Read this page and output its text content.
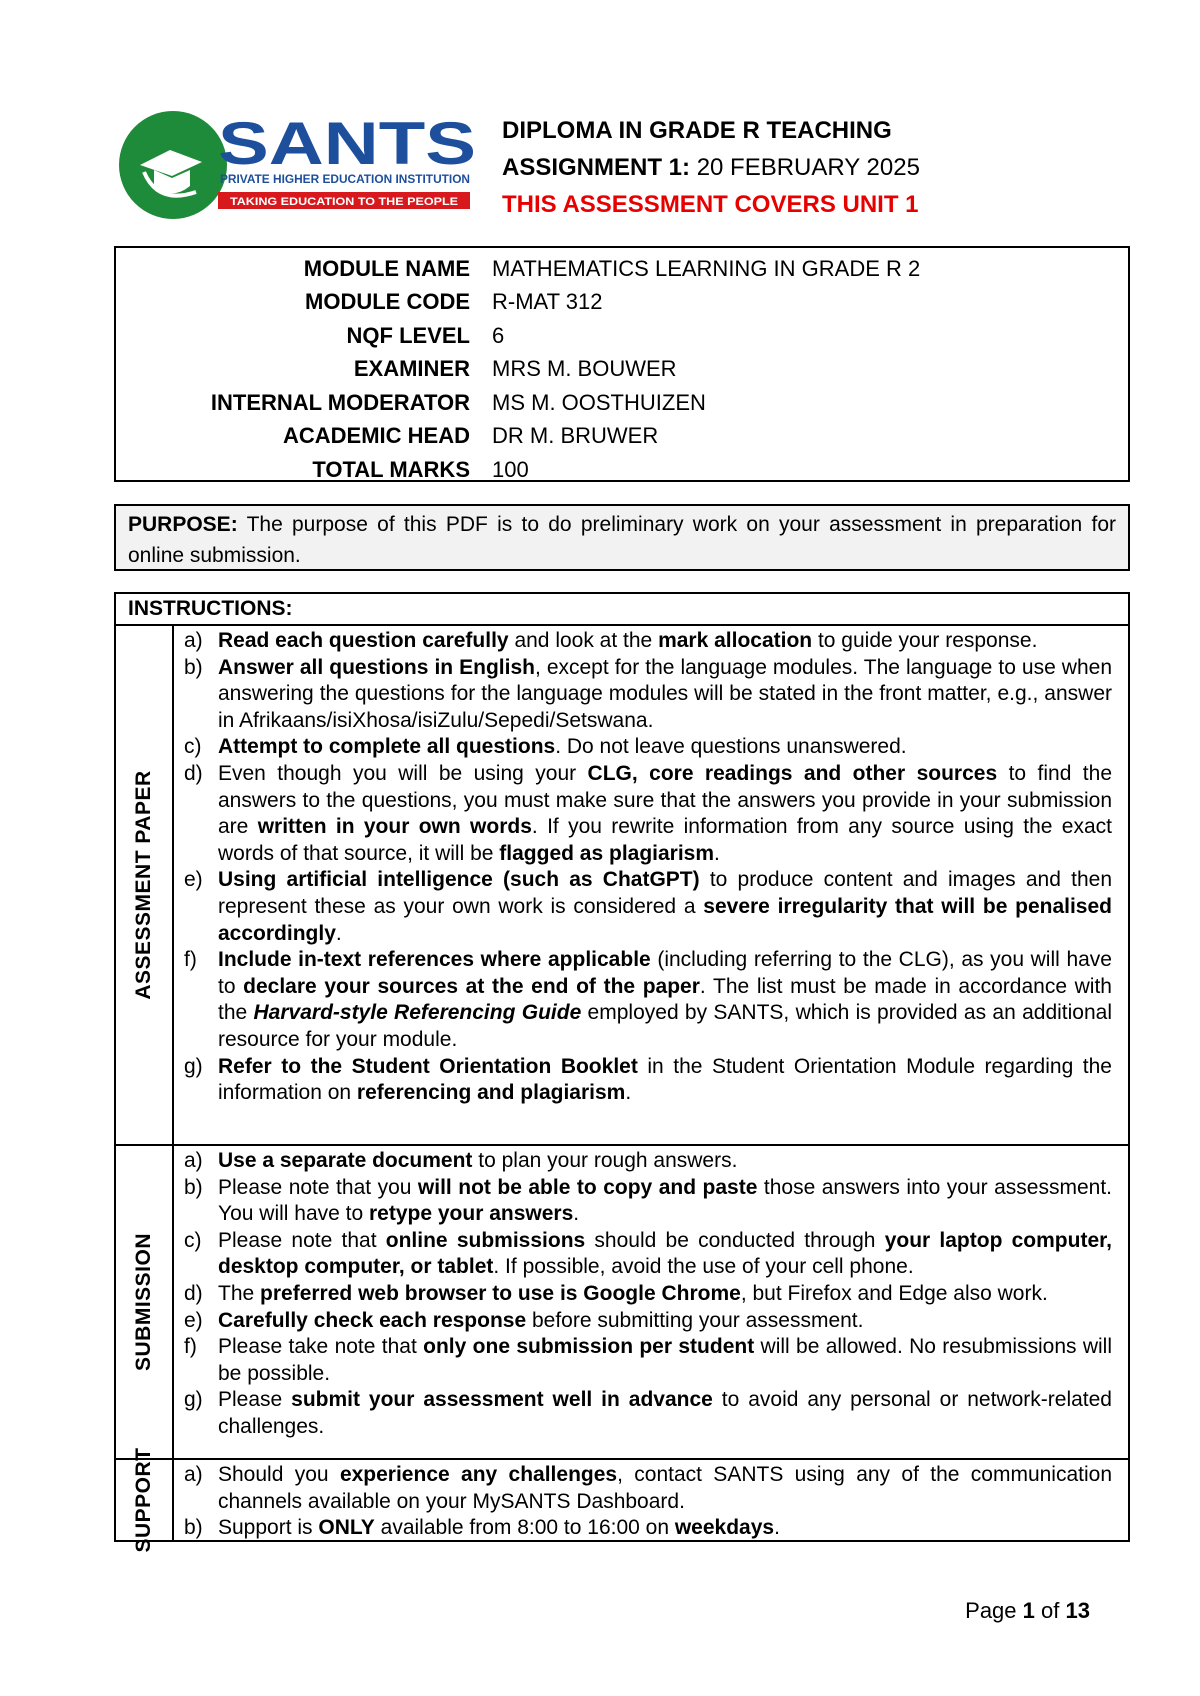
SANTS
PRIVATE HIGHER EDUCATION INSTITUTION
TAKING EDUCATION TO THE PEOPLE
DIPLOMA IN GRADE R TEACHING
ASSIGNMENT 1: 20 FEBRUARY 2025
THIS ASSESSMENT COVERS UNIT 1
MODULE NAME	MATHEMATICS LEARNING IN GRADE R 2
MODULE CODE	R-MAT 312
NQF LEVEL	6
EXAMINER	MRS M. BOUWER
INTERNAL MODERATOR	MS M. OOSTHUIZEN
ACADEMIC HEAD	DR M. BRUWER
TOTAL MARKS	100
PURPOSE: The purpose of this PDF is to do preliminary work on your assessment in preparation for online submission.
INSTRUCTIONS:
ASSESSMENT PAPER
a) Read each question carefully and look at the mark allocation to guide your response.
b) Answer all questions in English, except for the language modules. The language to use when answering the questions for the language modules will be stated in the front matter, e.g., answer in Afrikaans/isiXhosa/isiZulu/Sepedi/Setswana.
c) Attempt to complete all questions. Do not leave questions unanswered.
d) Even though you will be using your CLG, core readings and other sources to find the answers to the questions, you must make sure that the answers you provide in your submission are written in your own words. If you rewrite information from any source using the exact words of that source, it will be flagged as plagiarism.
e) Using artificial intelligence (such as ChatGPT) to produce content and images and then represent these as your own work is considered a severe irregularity that will be penalised accordingly.
f)	Include in-text references where applicable (including referring to the CLG), as you will have to declare your sources at the end of the paper. The list must be made in accordance with the Harvard-style Referencing Guide employed by SANTS, which is provided as an additional resource for your module.
g) Refer to the Student Orientation Booklet in the Student Orientation Module regarding the information on referencing and plagiarism.
SUBMISSION
a) Use a separate document to plan your rough answers.
b) Please note that you will not be able to copy and paste those answers into your assessment. You will have to retype your answers.
c) Please note that online submissions should be conducted through your laptop computer, desktop computer, or tablet. If possible, avoid the use of your cell phone.
d) The preferred web browser to use is Google Chrome, but Firefox and Edge also work.
e) Carefully check each response before submitting your assessment.
f)	Please take note that only one submission per student will be allowed. No resubmissions will be possible.
g) Please submit your assessment well in advance to avoid any personal or network-related challenges.
SUPPORT a) Should you experience any challenges, contact SANTS using any of the communication channels available on your MySANTS Dashboard.
b) Support is ONLY available from 8:00 to 16:00 on weekdays.
Page 1 of 13
